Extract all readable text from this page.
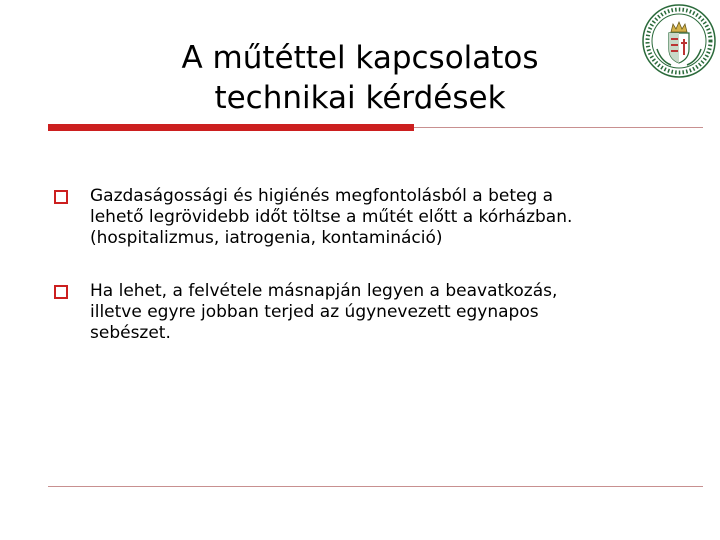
A műtéttel kapcsolatos
technikai kérdések

Gazdaságossági és higiénés megfontolásból a beteg a
lehető legrövidebb időt töltse a műtét előtt a kórházban.
(hospitalizmus, iatrogenia, kontamináció)

Ha lehet, a felvétele másnapján legyen a beavatkozás,
illetve egyre jobban terjed az úgynevezett egynapos
sebészet.
